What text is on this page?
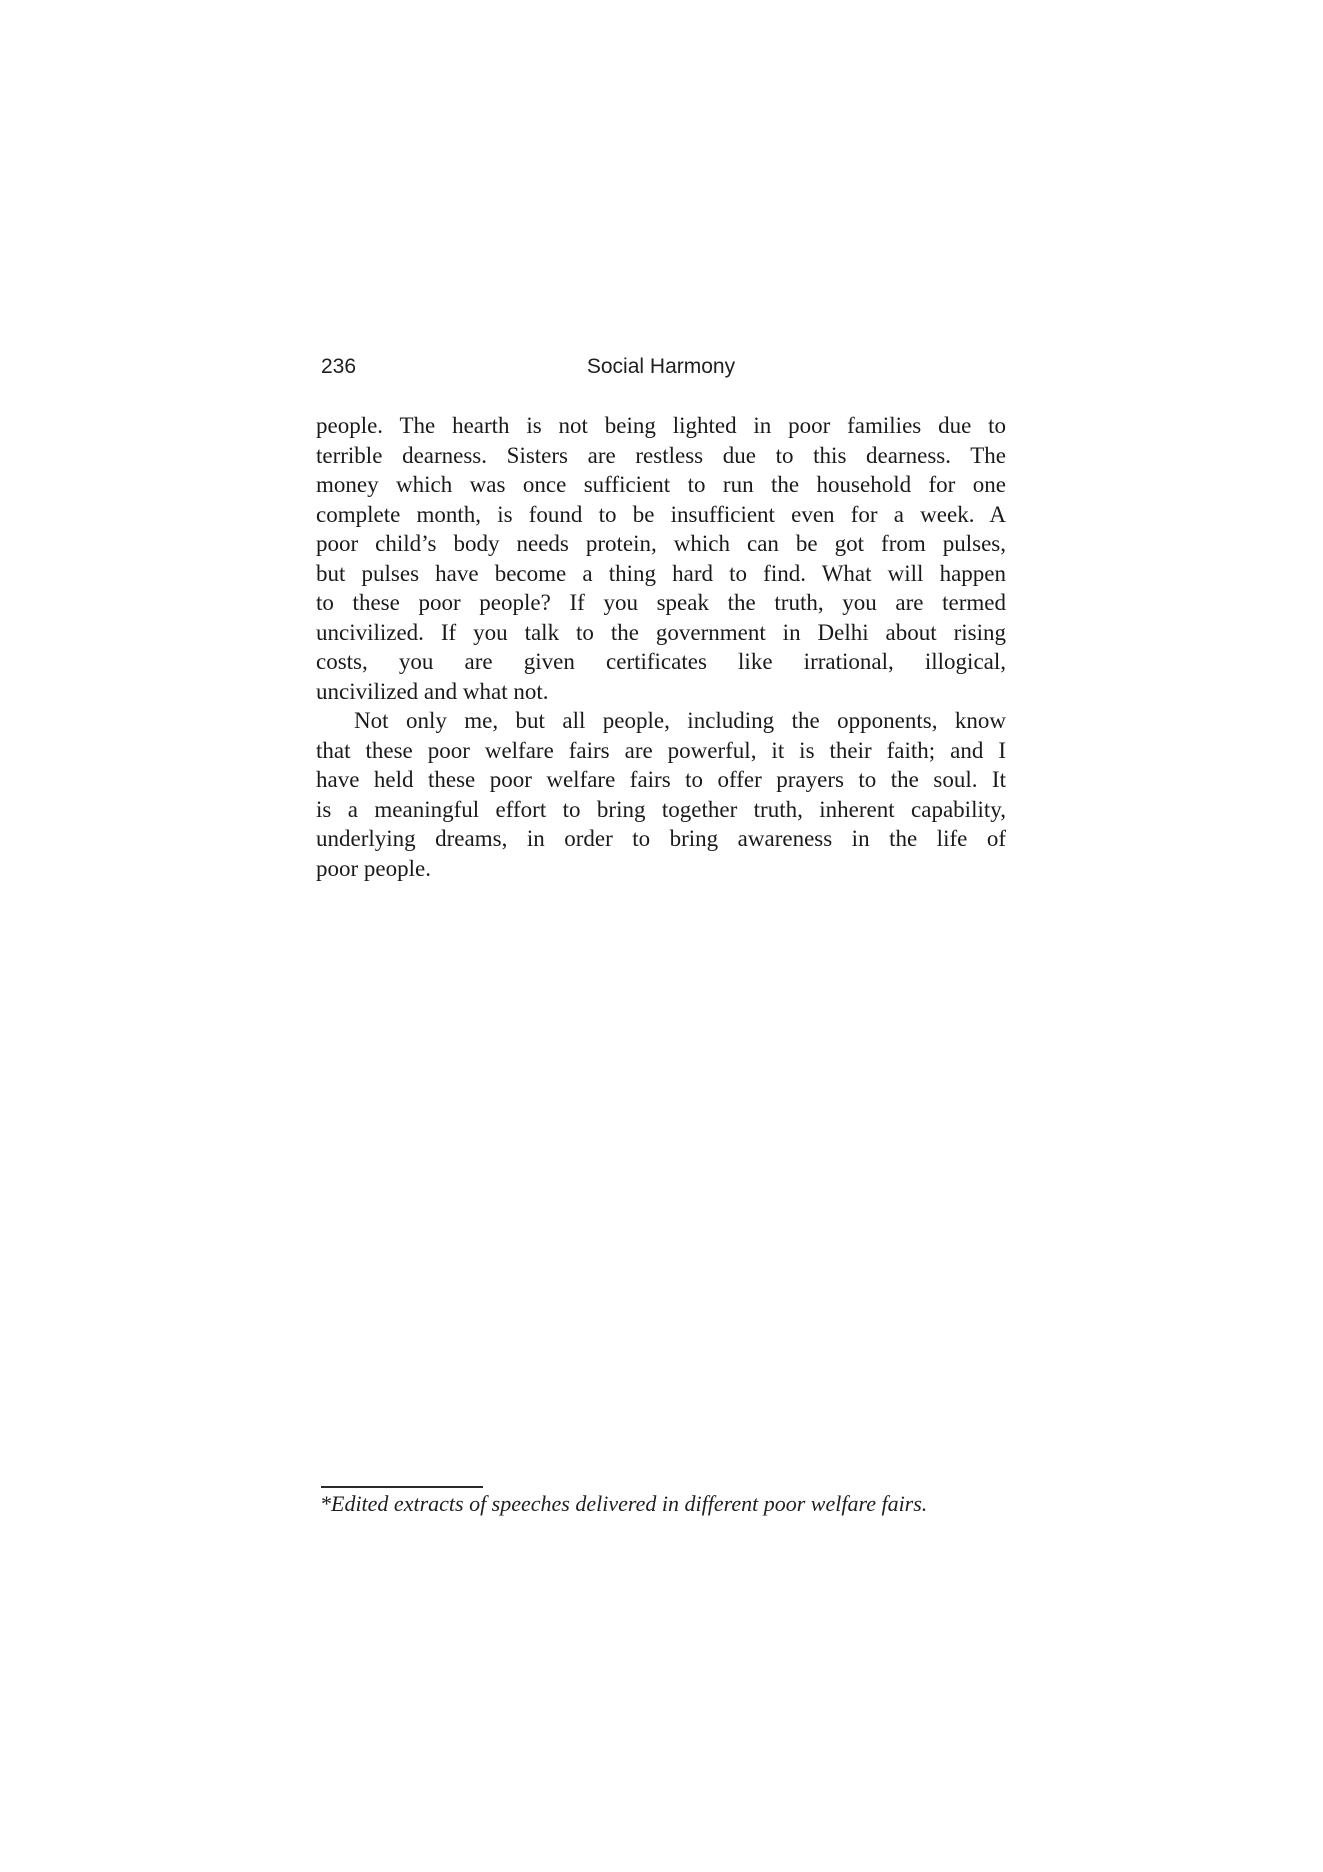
236	Social Harmony
people. The hearth is not being lighted in poor families due to
terrible dearness. Sisters are restless due to this dearness. The
money which was once sufficient to run the household for one
complete month, is found to be insufficient even for a week. A
poor child’s body needs protein, which can be got from pulses,
but pulses have become a thing hard to find. What will happen
to these poor people? If you speak the truth, you are termed
uncivilized. If you talk to the government in Delhi about rising
costs, you are given certificates like irrational, illogical,
uncivilized and what not.
Not only me, but all people, including the opponents, know
that these poor welfare fairs are powerful, it is their faith; and I
have held these poor welfare fairs to offer prayers to the soul. It
is a meaningful effort to bring together truth, inherent capability,
underlying dreams, in order to bring awareness in the life of
poor people.
*Edited extracts of speeches delivered in different poor welfare fairs.
